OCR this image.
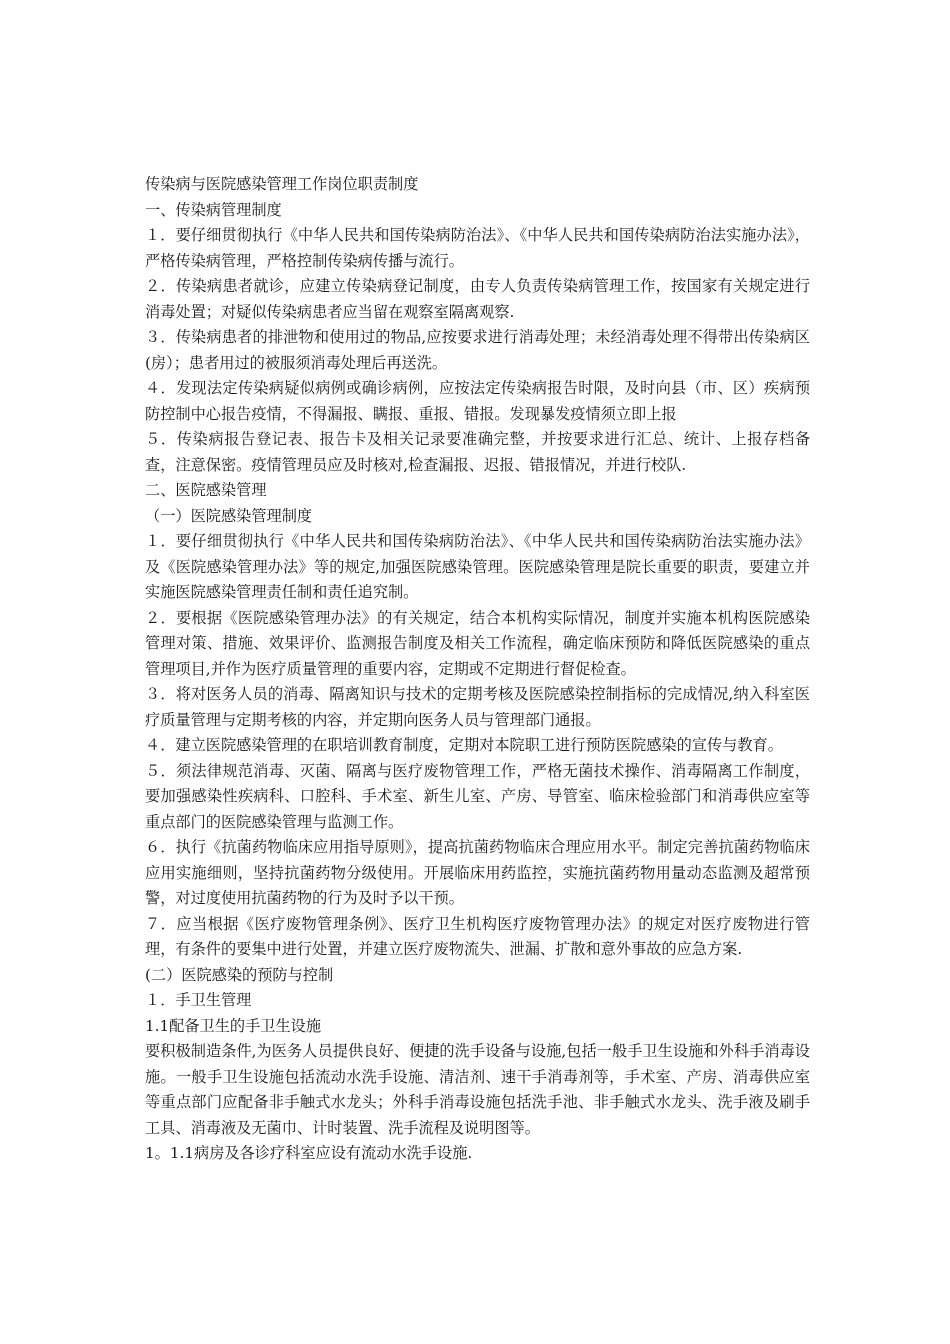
传染病与医院感染管理工作岗位职责制度

一、传染病管理制度

１．要仔细贯彻执行《中华人民共和国传染病防治法》、《中华人民共和国传染病防治法实施办法》，严格传染病管理，严格控制传染病传播与流行。

２．传染病患者就诊，应建立传染病登记制度，由专人负责传染病管理工作，按国家有关规定进行消毒处置；对疑似传染病患者应当留在观察室隔离观察.

３．传染病患者的排泄物和使用过的物品,应按要求进行消毒处理；未经消毒处理不得带出传染病区(房）；患者用过的被服须消毒处理后再送洗。

４．发现法定传染病疑似病例或确诊病例，应按法定传染病报告时限，及时向县（市、区）疾病预防控制中心报告疫情，不得漏报、瞒报、重报、错报。发现暴发疫情须立即上报

５．传染病报告登记表、报告卡及相关记录要准确完整，并按要求进行汇总、统计、上报存档备查，注意保密。疫情管理员应及时核对,检查漏报、迟报、错报情况，并进行校队.

二、医院感染管理

（一）医院感染管理制度

１．要仔细贯彻执行《中华人民共和国传染病防治法》、《中华人民共和国传染病防治法实施办法》及《医院感染管理办法》等的规定,加强医院感染管理。医院感染管理是院长重要的职责，要建立并实施医院感染管理责任制和责任追究制。

２．要根据《医院感染管理办法》的有关规定，结合本机构实际情况，制度并实施本机构医院感染管理对策、措施、效果评价、监测报告制度及相关工作流程，确定临床预防和降低医院感染的重点管理项目,并作为医疗质量管理的重要内容，定期或不定期进行督促检查。

３．将对医务人员的消毒、隔离知识与技术的定期考核及医院感染控制指标的完成情况,纳入科室医疗质量管理与定期考核的内容，并定期向医务人员与管理部门通报。

４．建立医院感染管理的在职培训教育制度，定期对本院职工进行预防医院感染的宣传与教育。

５．须法律规范消毒、灭菌、隔离与医疗废物管理工作，严格无菌技术操作、消毒隔离工作制度，要加强感染性疾病科、口腔科、手术室、新生儿室、产房、导管室、临床检验部门和消毒供应室等重点部门的医院感染管理与监测工作。

６．执行《抗菌药物临床应用指导原则》，提高抗菌药物临床合理应用水平。制定完善抗菌药物临床应用实施细则，坚持抗菌药物分级使用。开展临床用药监控，实施抗菌药物用量动态监测及超常预警，对过度使用抗菌药物的行为及时予以干预。

７．应当根据《医疗废物管理条例》、医疗卫生机构医疗废物管理办法》的规定对医疗废物进行管理，有条件的要集中进行处置，并建立医疗废物流失、泄漏、扩散和意外事故的应急方案.

(二）医院感染的预防与控制

１．手卫生管理

1.1配备卫生的手卫生设施

要积极制造条件,为医务人员提供良好、便捷的洗手设备与设施,包括一般手卫生设施和外科手消毒设施。一般手卫生设施包括流动水洗手设施、清洁剂、速干手消毒剂等，手术室、产房、消毒供应室等重点部门应配备非手触式水龙头；外科手消毒设施包括洗手池、非手触式水龙头、洗手液及刷手工具、消毒液及无菌巾、计时装置、洗手流程及说明图等。

1。1.1病房及各诊疗科室应设有流动水洗手设施.
